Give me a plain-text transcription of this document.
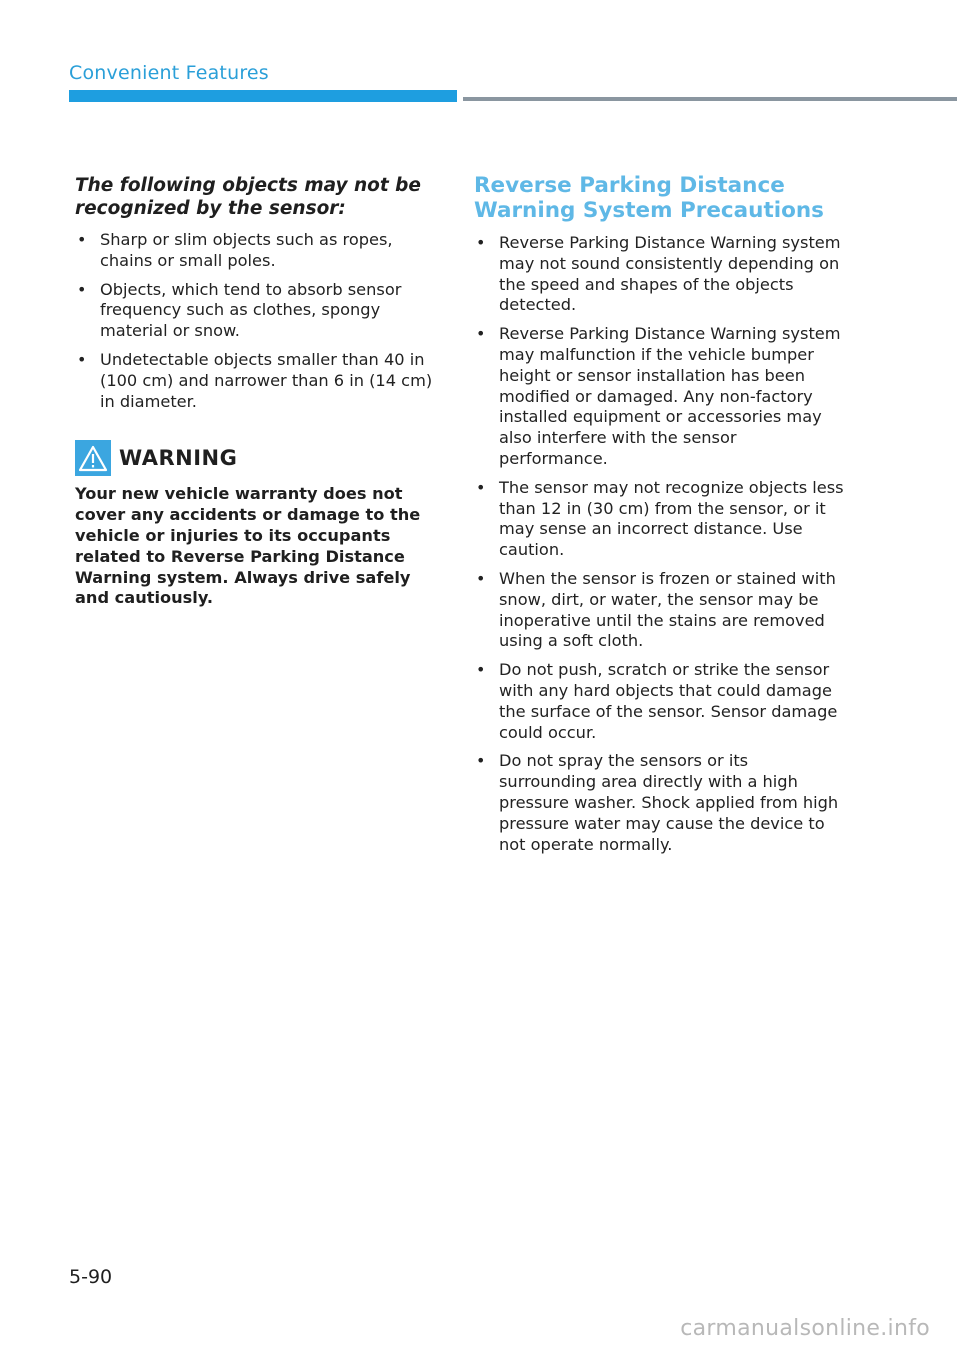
Convenient Features
The following objects may not be recognized by the sensor:
• Sharp or slim objects such as ropes, chains or small poles.
• Objects, which tend to absorb sensor frequency such as clothes, spongy material or snow.
• Undetectable objects smaller than 40 in (100 cm) and narrower than 6 in (14 cm) in diameter.
WARNING
Your new vehicle warranty does not cover any accidents or damage to the vehicle or injuries to its occupants related to Reverse Parking Distance Warning system. Always drive safely and cautiously.
Reverse Parking Distance Warning System Precautions
• Reverse Parking Distance Warning system may not sound consistently depending on the speed and shapes of the objects detected.
• Reverse Parking Distance Warning system may malfunction if the vehicle bumper height or sensor installation has been modified or damaged. Any non-factory installed equipment or accessories may also interfere with the sensor performance.
• The sensor may not recognize objects less than 12 in (30 cm) from the sensor, or it may sense an incorrect distance. Use caution.
• When the sensor is frozen or stained with snow, dirt, or water, the sensor may be inoperative until the stains are removed using a soft cloth.
• Do not push, scratch or strike the sensor with any hard objects that could damage the surface of the sensor. Sensor damage could occur.
• Do not spray the sensors or its surrounding area directly with a high pressure washer. Shock applied from high pressure water may cause the device to not operate normally.
5-90
carmanualsonline.info
